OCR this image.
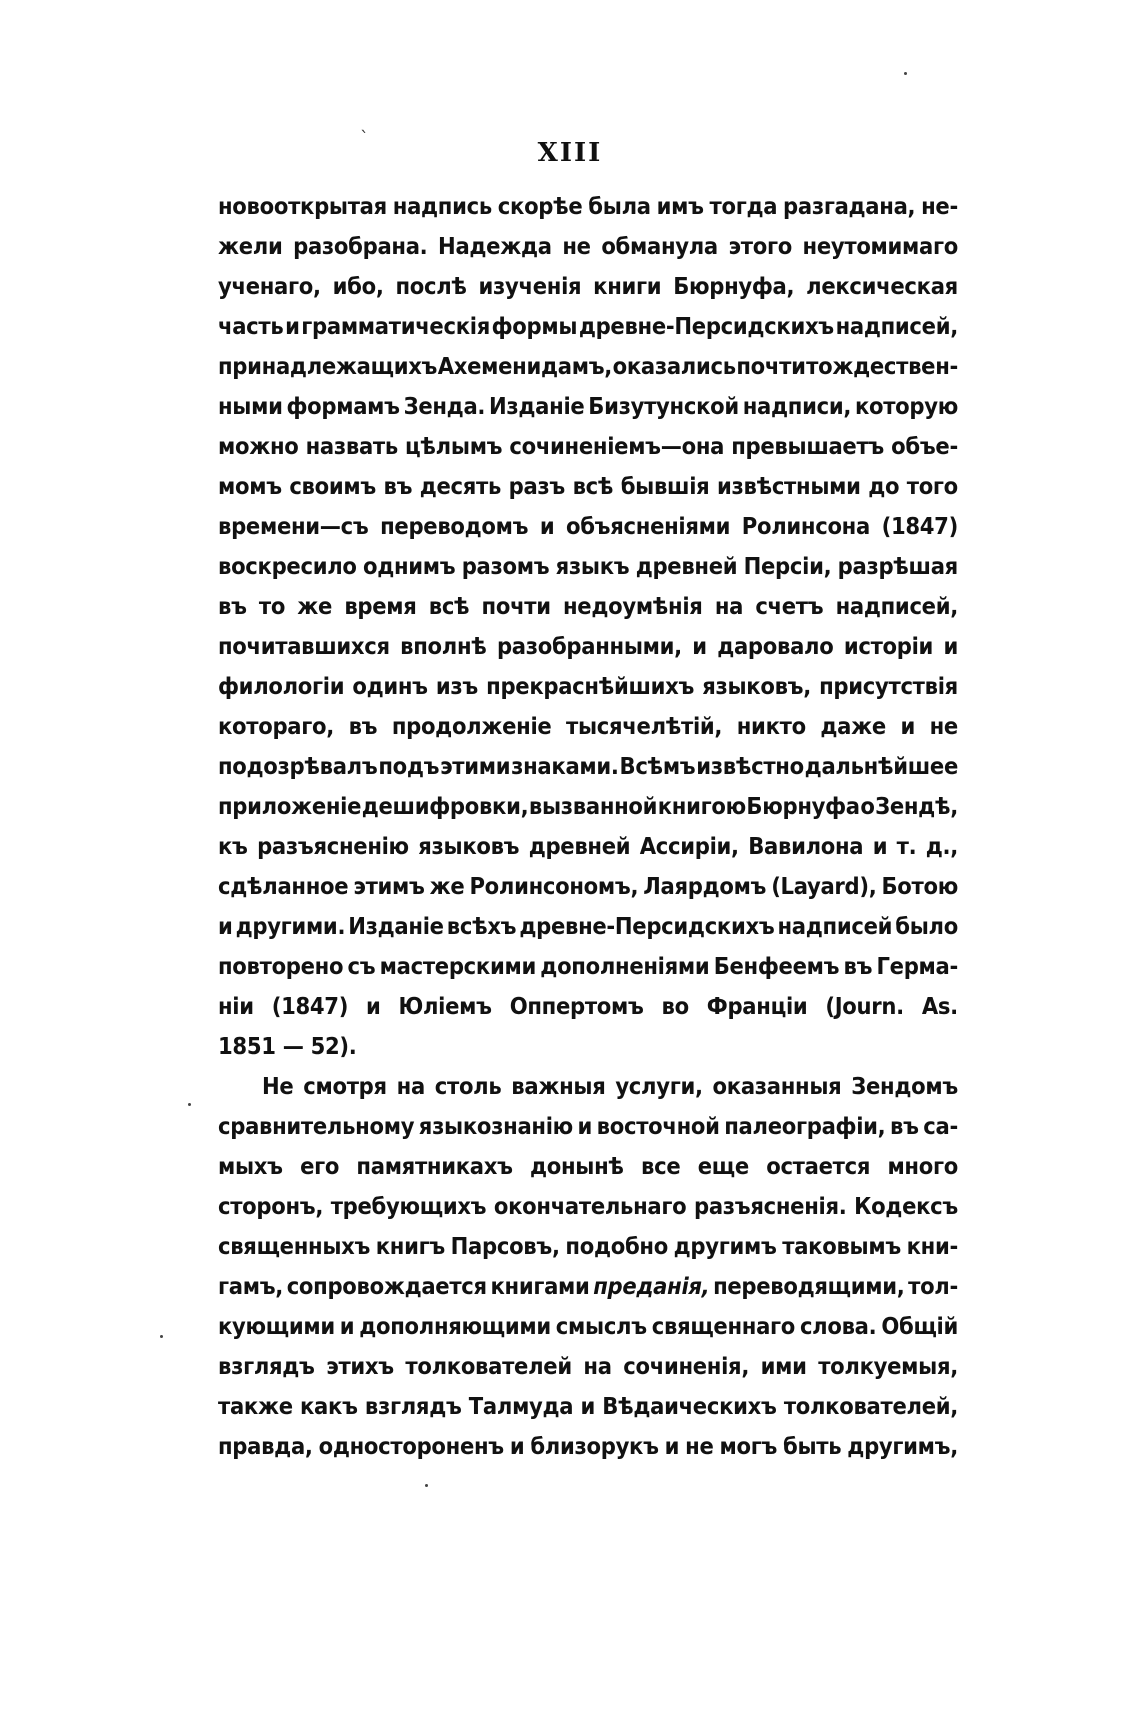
`	XIII
новооткрытая надпись скорѣе была имъ тогда разгадана, не-
жели разобрана. Надежда не обманула этого неутомимаго
ученаго, ибо, послѣ изученія книги Бюрнуфа, лексическая
часть и грамматическія формы древне-Персидскихъ надписей,
принадлежащихъ Ахеменидамъ, оказались почти тождествен-
ными формамъ Зенда. Изданіе Бизутунской надписи, которую
можно назвать цѣлымъ сочиненіемъ—она превышаетъ объе-
момъ своимъ въ десять разъ всѣ бывшія извѣстными до того
времени—съ переводомъ и объясненіями Ролинсона (1847)
воскресило однимъ разомъ языкъ древней Персіи, разрѣшая
въ то же время всѣ почти недоумѣнія на счетъ надписей,
почитавшихся вполнѣ разобранными, и даровало исторіи и
филологіи одинъ изъ прекраснѣйшихъ языковъ, присутствія
котораго, въ продолженіе тысячелѣтій, никто даже и не
подозрѣвалъ подъ этими знаками. Всѣмъ извѣстно дальнѣйшее
приложеніе дешифровки, вызванной книгою Бюрнуфа о Зендѣ,
къ разъясненію языковъ древней Ассиріи, Вавилона и т. д.,
сдѣланное этимъ же Ролинсономъ, Лаярдомъ (Layard), Ботою
и другими. Изданіе всѣхъ древне-Персидскихъ надписей было
повторено съ мастерскими дополненіями Бенфеемъ въ Герма-
ніи (1847) и Юліемъ Оппертомъ во Франціи (Journ. As.
1851 — 52).
Не смотря на столь важныя услуги, оказанныя Зендомъ
сравнительному языкознанію и восточной палеографіи, въ са-
мыхъ его памятникахъ донынѣ все еще остается много
сторонъ, требующихъ окончательнаго разъясненія. Кодексъ
священныхъ книгъ Парсовъ, подобно другимъ таковымъ кни-
гамъ, сопровождается книгами преданія, переводящими, тол-
кующими и дополняющими смыслъ священнаго слова. Общій
взглядъ этихъ толкователей на сочиненія, ими толкуемыя,
также какъ взглядъ Талмуда и Вѣдаическихъ толкователей,
правда, одностороненъ и близорукъ и не могъ быть другимъ,
